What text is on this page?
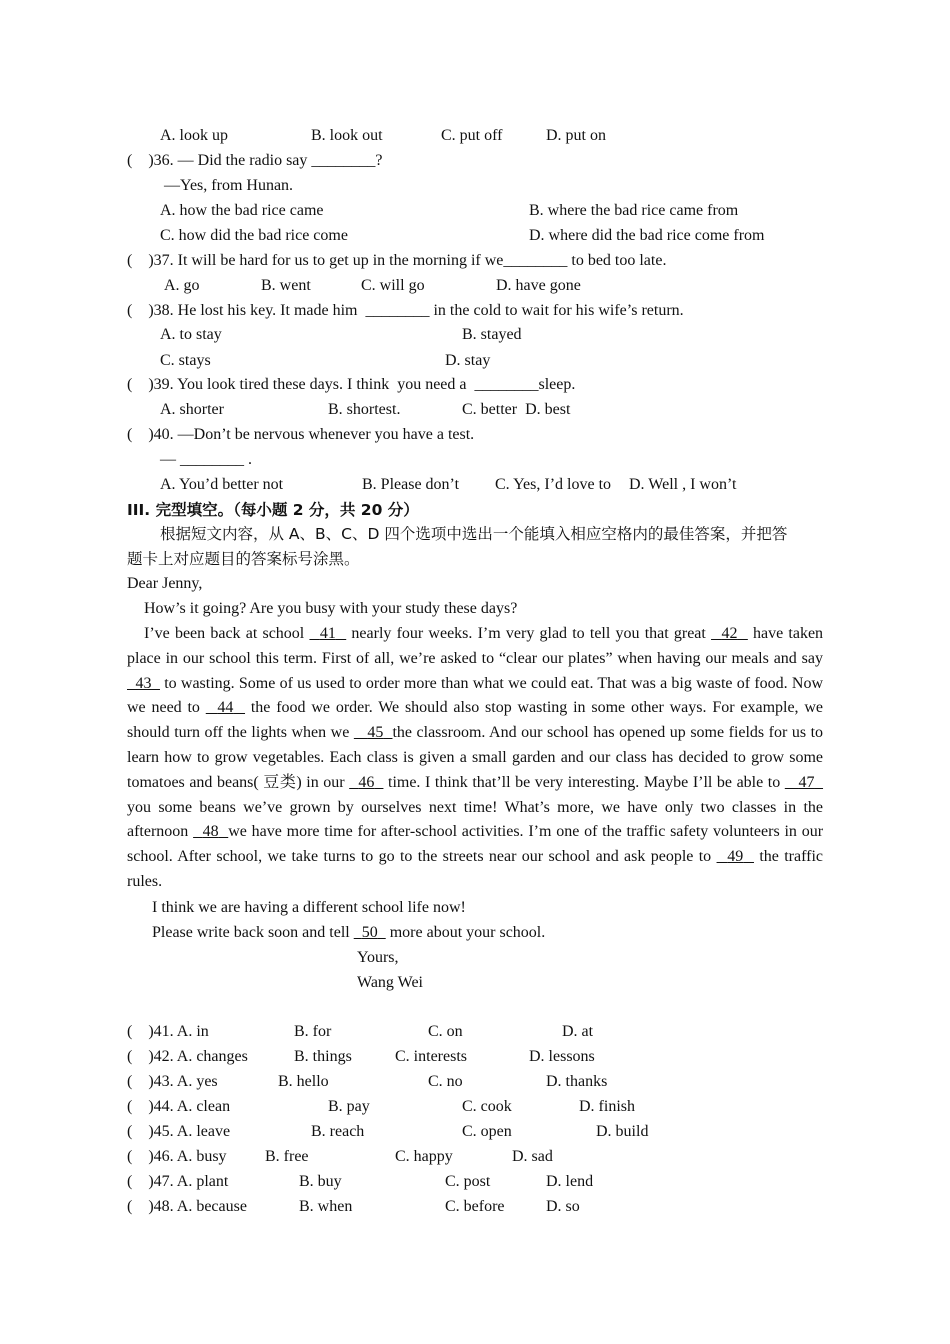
A. look up	B. look out	C. put off	D. put on
(    )36. — Did the radio say ________?
—Yes, from Hunan.
A. how the bad rice came	B. where the bad rice came from
C. how did the bad rice come	D. where did the bad rice come from
(    )37. It will be hard for us to get up in the morning if we________ to bed too late.
A. go	B. went	C. will go	D. have gone
(    )38. He lost his key. It made him  ________ in the cold to wait for his wife’s return.
A. to stay	B. stayed
C. stays	D. stay
(    )39. You look tired these days. I think  you need a  ________sleep.
A. shorter	B. shortest.	C. better  D. best
(    )40. —Don’t be nervous whenever you have a test.
— ________ .
A. You’d better not	B. Please don’t C. Yes, I’d love to D. Well , I won’t
III. 完型填空。（每小题 2 分，共 20 分）
根据短文内容，从 A、B、C、D 四个选项中选出一个能填入相应空格内的最佳答案，并把答
题卡上对应题目的答案标号涂黑。
Dear Jenny,
How’s it going? Are you busy with your study these days?
I’ve been back at school   41   nearly four weeks. I’m very glad to tell you that great   42   have taken place in our school this term. First of all, we’re asked to “clear our plates” when having our meals and say   43   to wasting. Some of us used to order more than what we could eat. That was a big waste of food. Now we need to   44   the food we order. We should also stop wasting in some other ways. For example, we should turn off the lights when we    45 the classroom. And our school has opened up some fields for us to learn how to grow vegetables. Each class is given a small garden and our class has decided to grow some tomatoes and beans( 豆类) in our   46   time. I think that’ll be very interesting. Maybe I’ll be able to    47   you some beans we’ve grown by ourselves next time! What’s more, we have only two classes in the afternoon   48 we have more time for after-school activities. I’m one of the traffic safety volunteers in our school. After school, we take turns to go to the streets near our school and ask people to   49   the traffic rules.
I think we are having a different school life now!
Please write back soon and tell   50   more about your school.
Yours,
Wang Wei
(    )41. A. in	B. for	C. on	D. at
(    )42. A. changes	B. things	C. interests	D. lessons
(    )43. A. yes	B. hello	C. no	D. thanks
(    )44. A. clean	B. pay	C. cook	D. finish
(    )45. A. leave	B. reach	C. open	D. build
(    )46. A. busy B. free	C. happy	D. sad
(    )47. A. plant	B. buy	C. post	D. lend
(    )48. A. because	B. when	C. before	D. so
